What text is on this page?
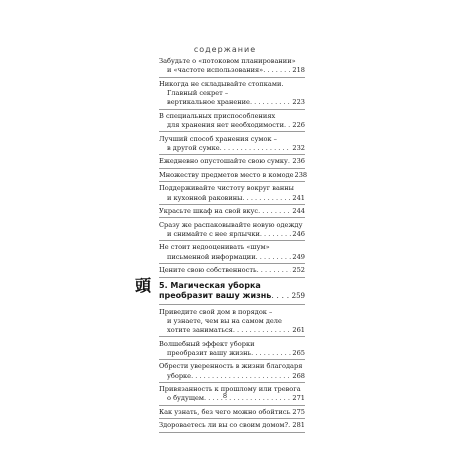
содержание
Забудьте о «потоковом планировании»
и «частоте использования» . . .	218
Никогда не складывайте стопками.
Главный секрет –
вертикальное хранение . . .	223
В специальных приспособлениях
для хранения нет необходимости . . . 226
Лучший способ хранения сумок –
в другой сумке . . .	232
Ежедневно опустошайте свою сумку . . . 236
Множеству предметов место в комоде 238
Поддерживайте чистоту вокруг ванны
и кухонной раковины . . .	241
Украсьте шкаф на свой вкус . . .	244
Сразу же распаковывайте новую одежду
и снимайте с нее ярлычки . . .	246
Не стоит недооценивать «шум»
письменной информации . . .	249
Цените свою собственность . . .	252
頭 5. Магическая уборка
преобразит вашу жизнь . . .	259
Приведите свой дом в порядок –
и узнаете, чем вы на самом деле
хотите заниматься . . .	261
Волшебный эффект уборки
преобразит вашу жизнь . . .	265
Обрести уверенность в жизни благодаря
уборке . . .	268
Привязанность к прошлому или тревога
о будущем . . .	271
Как узнать, без чего можно обойтись . . . 275
Здороваетесь ли вы со своим домом? . . . 281
8
